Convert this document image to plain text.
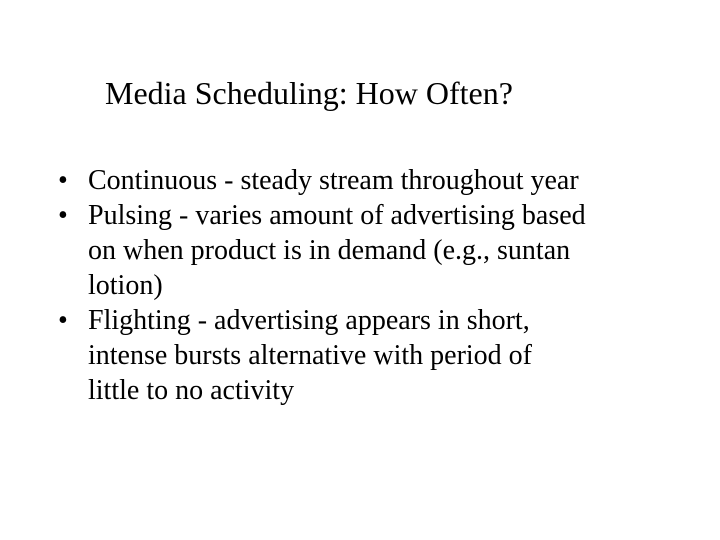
Media Scheduling: How Often?
• Continuous - steady stream throughout year
• Pulsing - varies amount of advertising based
on when product is in demand (e.g., suntan
lotion)
• Flighting - advertising appears in short,
intense bursts alternative with period of
little to no activity
